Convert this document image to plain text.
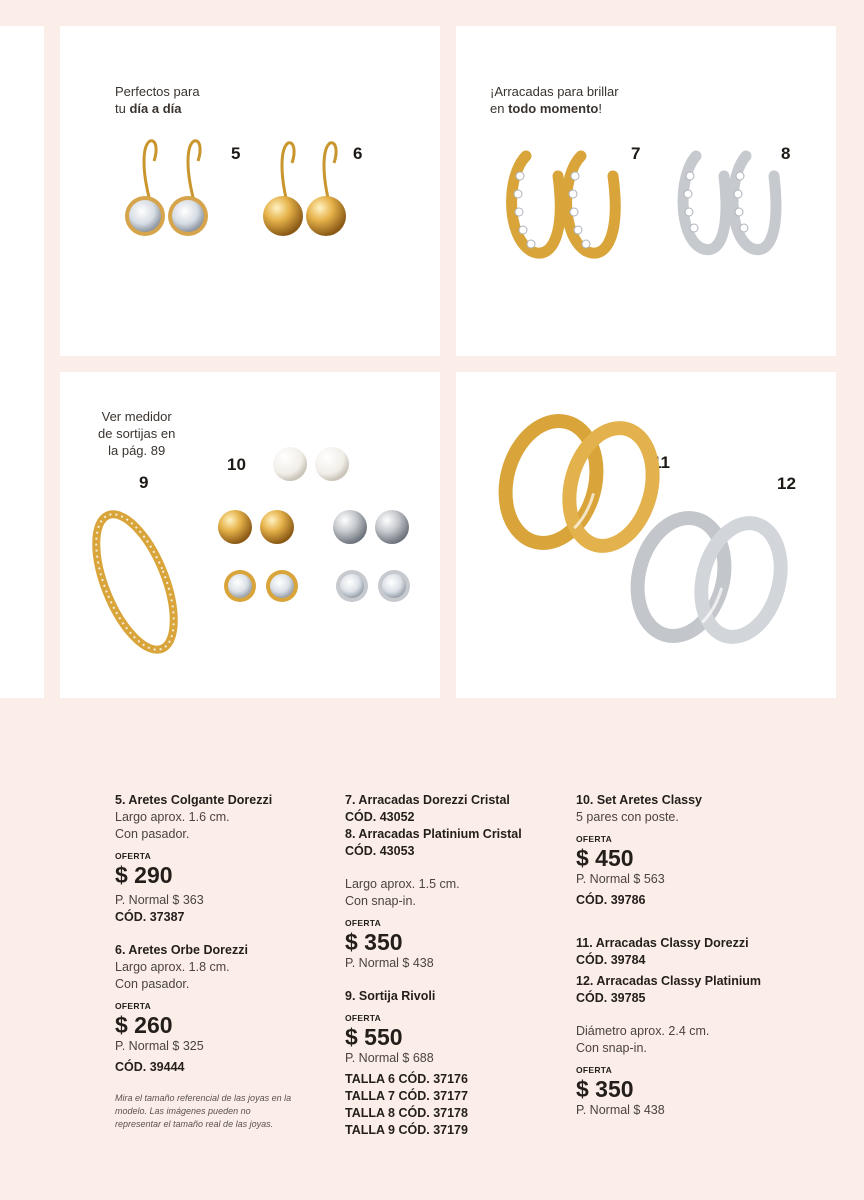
Perfectos para
tu día a día
5	6
¡Arracadas para brillar
en todo momento!
7	8
Ver medidor
de sortijas en
la pág. 89
9
10	11
12
5. Aretes Colgante Dorezzi
Largo aprox. 1.6 cm.
Con pasador.
OFERTA
$ 290
P. Normal $ 363
CÓD. 37387
6. Aretes Orbe Dorezzi
Largo aprox. 1.8 cm.
Con pasador.
OFERTA
$ 260
P. Normal $ 325
CÓD. 39444
Mira el tamaño referencial de las joyas en la modelo. Las imágenes pueden no representar el tamaño real de las joyas.
7. Arracadas Dorezzi Cristal
CÓD. 43052
8. Arracadas Platinium Cristal
CÓD. 43053
Largo aprox. 1.5 cm.
Con snap-in.
OFERTA
$ 350
P. Normal $ 438
9. Sortija Rivoli
OFERTA
$ 550
P. Normal $ 688
TALLA 6 CÓD. 37176
TALLA 7 CÓD. 37177
TALLA 8 CÓD. 37178
TALLA 9 CÓD. 37179
10. Set Aretes Classy
5 pares con poste.
OFERTA
$ 450
P. Normal $ 563
CÓD. 39786
11. Arracadas Classy Dorezzi
CÓD. 39784
12. Arracadas Classy Platinium
CÓD. 39785
Diámetro aprox. 2.4 cm.
Con snap-in.
OFERTA
$ 350
P. Normal $ 438
